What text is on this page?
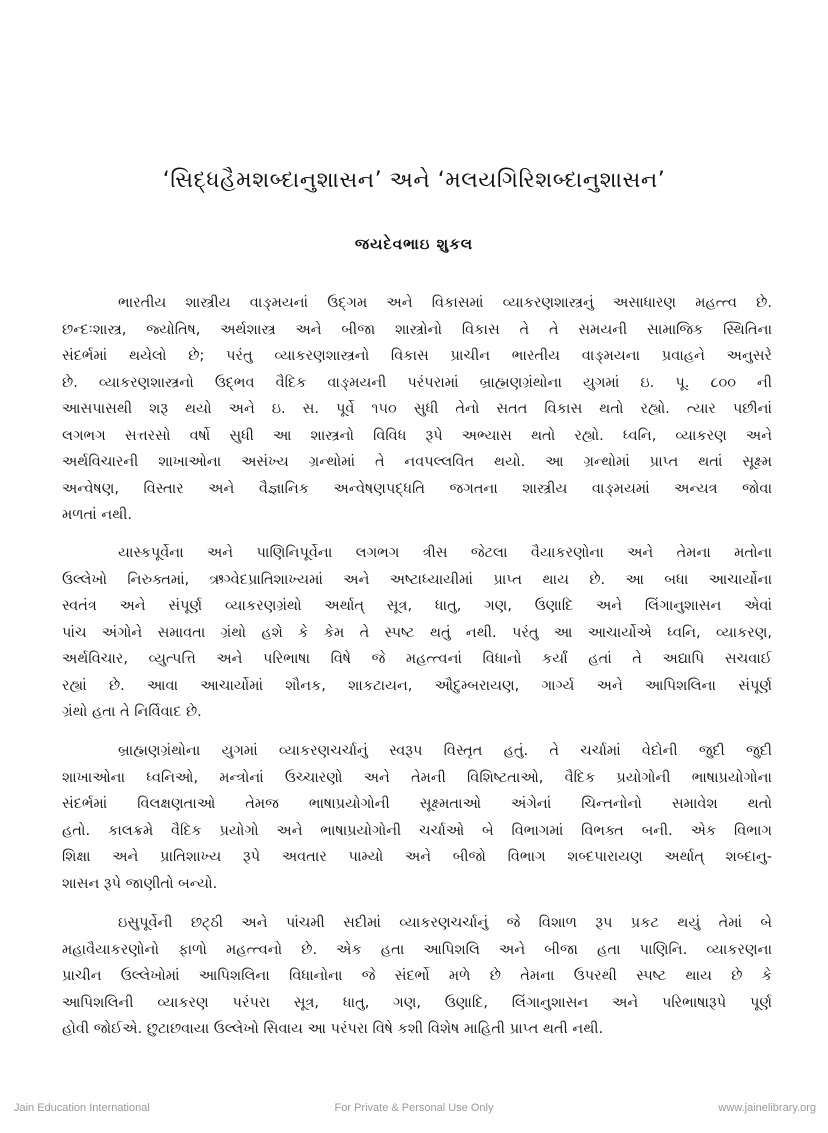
‘સિદ્ધહૈમશબ્દાનુશાસન’ અને ‘મલયગિરિશબ્દાનુશાસન’
જયદેવભાઇ શુકલ
ભારતીય શાસ્ત્રીય વાઙ્મયનાં ઉદ્ગમ અને વિકાસમાં વ્યાકરણશાસ્ત્રનું અસાધારણ મહત્ત્વ છે.
છન્દઃશાસ્ત્ર, જ્યોતિષ, અર્થશાસ્ત્ર અને બીજા શાસ્ત્રોનો વિકાસ તે તે સમયની સામાજિક સ્થિતિના
સંદર્ભમાં થયેલો છે; પરંતુ વ્યાકરણશાસ્ત્રનો વિકાસ પ્રાચીન ભારતીય વાઙ્મયના પ્રવાહને અનુસરે
છે. વ્યાકરણશાસ્ત્રનો ઉદ્ભવ વૈદિક વાઙ્મયની પરંપરામાં બ્રાહ્મણગ્રંથોના યુગમાં ઇ. પૂ. ૮૦૦ ની
આસપાસથી શરૂ થયો અને ઇ. સ. પૂર્વે ૧૫૦ સુધી તેનો સતત વિકાસ થતો રહ્યો. ત્યાર પછીનાં
લગભગ સત્તરસો વર્ષો સુધી આ શાસ્ત્રનો વિવિધ રૂપે અભ્યાસ થતો રહ્યો. ધ્વનિ, વ્યાકરણ અને
અર્થવિચારની શાખાઓના અસંખ્ય ગ્રન્થોમાં તે નવપલ્લવિત થયો. આ ગ્રન્થોમાં પ્રાપ્ત થતાં સૂક્ષ્મ
અન્વેષણ, વિસ્તાર અને વૈજ્ઞાનિક અન્વેષણપદ્ધતિ જગતના શાસ્ત્રીય વાઙ્મયમાં અન્યત્ર જોવા
મળતાં નથી.
યાસ્કપૂર્વેના અને પાણિનિપૂર્વેના લગભગ ત્રીસ જેટલા વૈયાકરણોના અને તેમના મતોના
ઉલ્લેખો નિરુક્તમાં, ઋગ્વેદપ્રાતિશાખ્યમાં અને અષ્ટાધ્યાયીમાં પ્રાપ્ત થાય છે. આ બધા આચાર્યોના
સ્વતંત્ર અને સંપૂર્ણ વ્યાકરણગ્રંથો અર્થાત્ સૂત્ર, ધાતુ, ગણ, ઉણાદિ અને લિંગાનુશાસન એવાં
પાંચ અંગોને સમાવતા ગ્રંથો હશે કે કેમ તે સ્પષ્ટ થતું નથી. પરંતુ આ આચાર્યોએ ધ્વનિ, વ્યાકરણ,
અર્થવિચાર, વ્યુત્પત્તિ અને પરિભાષા વિષે જે મહત્ત્વનાં વિધાનો કર્યાં હતાં તે અદ્યાપિ સચવાઈ
રહ્યાં છે. આવા આચાર્યોમાં શૌનક, શાકટાયન, ઔદુમ્બરાયણ, ગાર્ગ્ય અને આપિશલિના સંપૂર્ણ
ગ્રંથો હતા તે નિર્વિવાદ છે.
બ્રાહ્મણગ્રંથોના યુગમાં વ્યાકરણચર્ચાનું સ્વરૂપ વિસ્તૃત હતું. તે ચર્ચામાં વેદોની જુદી જુદી
શાખાઓના ધ્વનિઓ, મન્ત્રોનાં ઉચ્ચારણો અને તેમની વિશિષ્ટતાઓ, વૈદિક પ્રયોગોની ભાષાપ્રયોગોના
સંદર્ભમાં વિલક્ષણતાઓ તેમજ ભાષાપ્રયોગોની સૂક્ષ્મતાઓ અંગેનાં ચિન્તનોનો સમાવેશ થતો
હતો. કાલક્રમે વૈદિક પ્રયોગો અને ભાષાપ્રયોગોની ચર્ચાઓ બે વિભાગમાં વિભક્ત બની. એક વિભાગ
શિક્ષા અને પ્રાતિશાખ્ય રૂપે અવતાર પામ્યો અને બીજો વિભાગ શબ્દપારાયણ અર્થાત્ શબ્દાનુ-
શાસન રૂપે જાણીતો બન્યો.
ઇસુપૂર્વેની છટ્ઠી અને પાંચમી સદીમાં વ્યાકરણચર્ચાનું જે વિશાળ રૂપ પ્રકટ થયું તેમાં બે
મહાવૈયાકરણોનો ફાળો મહત્ત્વનો છે. એક હતા આપિશલિ અને બીજા હતા પાણિનિ. વ્યાકરણના
પ્રાચીન ઉલ્લેખોમાં આપિશલિના વિધાનોના જે સંદર્ભો મળે છે તેમના ઉપરથી સ્પષ્ટ થાય છે કે
આપિશલિની વ્યાકરણ પરંપરા સૂત્ર, ધાતુ, ગણ, ઉણાદિ, લિંગાનુશાસન અને પરિભાષારૂપે પૂર્ણ
હોવી જોઈએ. છુટાછવાયા ઉલ્લેખો સિવાય આ પરંપરા વિષે કશી વિશેષ માહિતી પ્રાપ્ત થતી નથી.
Jain Education International	For Private & Personal Use Only	www.jainelibrary.org
